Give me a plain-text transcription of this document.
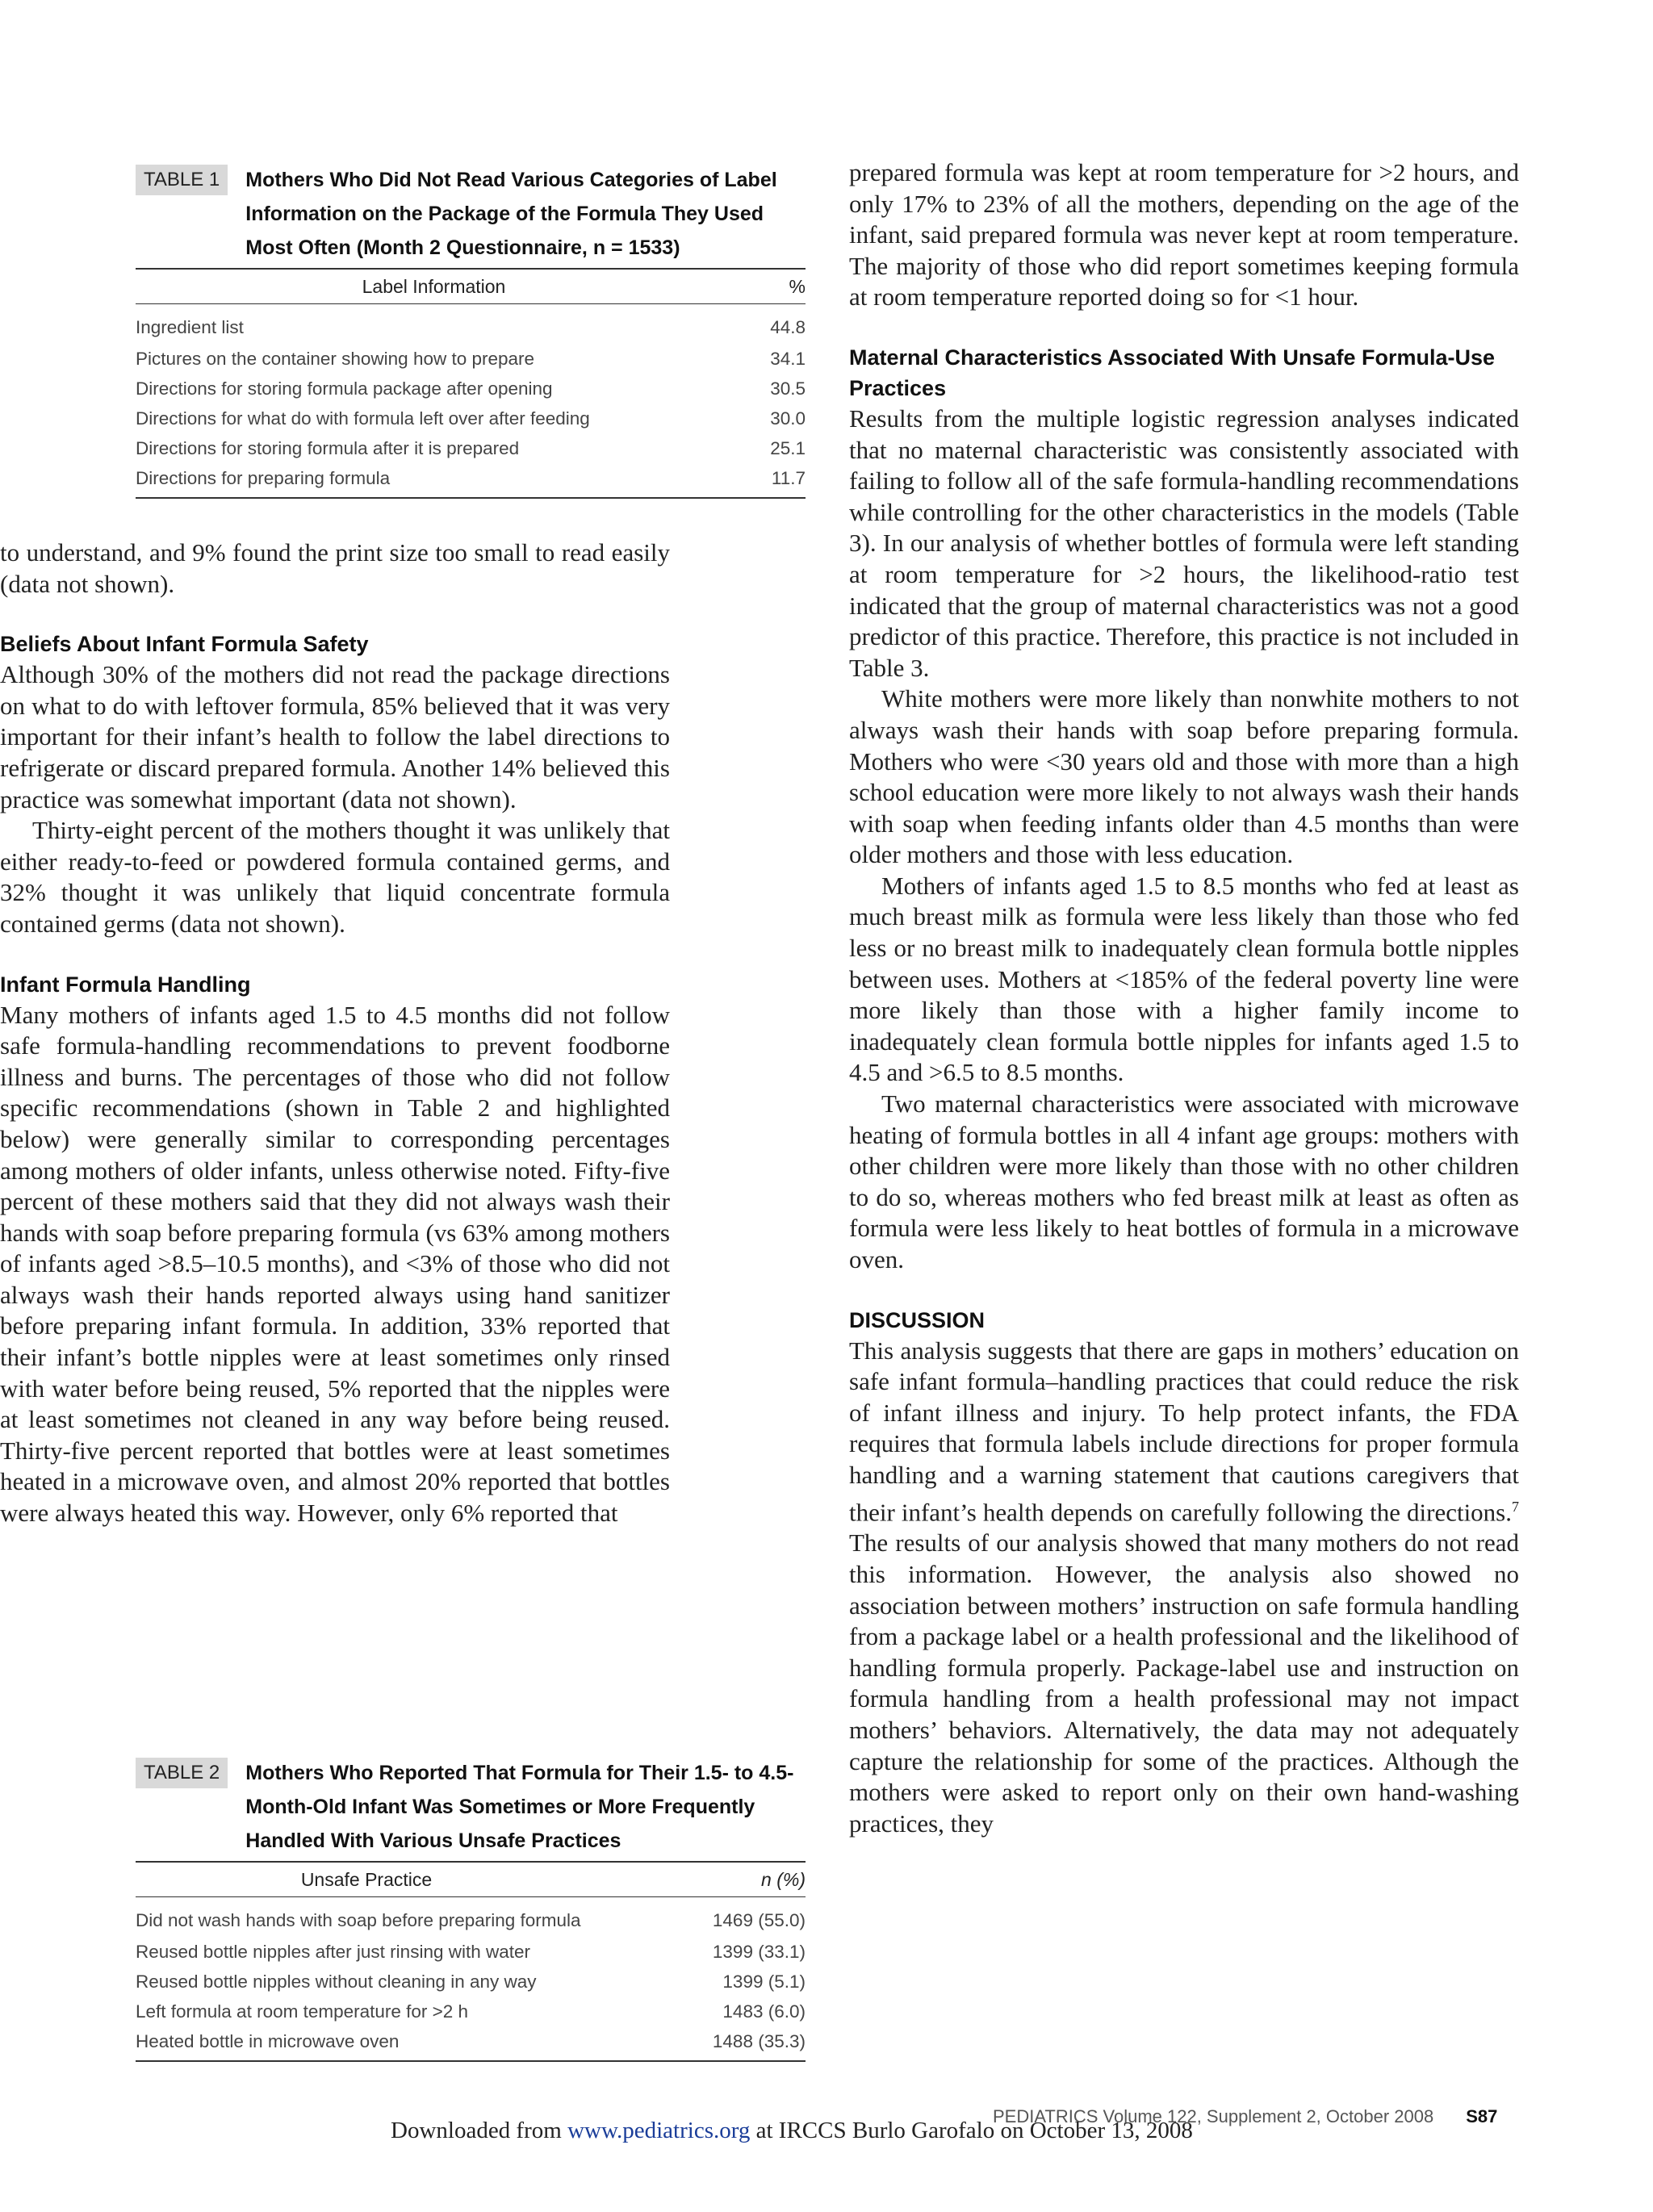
TABLE 1	Mothers Who Did Not Read Various Categories of Label Information on the Package of the Formula They Used Most Often (Month 2 Questionnaire, n = 1533)
Label Information	%
Ingredient list	44.8
Pictures on the container showing how to prepare	34.1
Directions for storing formula package after opening	30.5
Directions for what do with formula left over after feeding	30.0
Directions for storing formula after it is prepared	25.1
Directions for preparing formula	11.7

to understand, and 9% found the print size too small to read easily (data not shown).

Beliefs About Infant Formula Safety

Although 30% of the mothers did not read the package directions on what to do with leftover formula, 85% believed that it was very important for their infant’s health to follow the label directions to refrigerate or discard prepared formula. Another 14% believed this practice was somewhat important (data not shown).

Thirty-eight percent of the mothers thought it was unlikely that either ready-to-feed or powdered formula contained germs, and 32% thought it was unlikely that liquid concentrate formula contained germs (data not shown).

Infant Formula Handling

Many mothers of infants aged 1.5 to 4.5 months did not follow safe formula-handling recommendations to prevent foodborne illness and burns. The percentages of those who did not follow specific recommendations (shown in Table 2 and highlighted below) were generally similar to corresponding percentages among mothers of older infants, unless otherwise noted. Fifty-five percent of these mothers said that they did not always wash their hands with soap before preparing formula (vs 63% among mothers of infants aged >8.5–10.5 months), and <3% of those who did not always wash their hands reported always using hand sanitizer before preparing infant formula. In addition, 33% reported that their infant’s bottle nipples were at least sometimes only rinsed with water before being reused, 5% reported that the nipples were at least sometimes not cleaned in any way before being reused. Thirty-five percent reported that bottles were at least sometimes heated in a microwave oven, and almost 20% reported that bottles were always heated this way. However, only 6% reported that

TABLE 2	Mothers Who Reported That Formula for Their 1.5- to 4.5-Month-Old Infant Was Sometimes or More Frequently Handled With Various Unsafe Practices
Unsafe Practice	n (%)
Did not wash hands with soap before preparing formula	1469 (55.0)
Reused bottle nipples after just rinsing with water	1399 (33.1)
Reused bottle nipples without cleaning in any way	1399 (5.1)
Left formula at room temperature for >2 h	1483 (6.0)
Heated bottle in microwave oven	1488 (35.3)

prepared formula was kept at room temperature for >2 hours, and only 17% to 23% of all the mothers, depending on the age of the infant, said prepared formula was never kept at room temperature. The majority of those who did report sometimes keeping formula at room temperature reported doing so for <1 hour.

Maternal Characteristics Associated With Unsafe Formula-Use Practices

Results from the multiple logistic regression analyses indicated that no maternal characteristic was consistently associated with failing to follow all of the safe formula-handling recommendations while controlling for the other characteristics in the models (Table 3). In our analysis of whether bottles of formula were left standing at room temperature for >2 hours, the likelihood-ratio test indicated that the group of maternal characteristics was not a good predictor of this practice. Therefore, this practice is not included in Table 3.

White mothers were more likely than nonwhite mothers to not always wash their hands with soap before preparing formula. Mothers who were <30 years old and those with more than a high school education were more likely to not always wash their hands with soap when feeding infants older than 4.5 months than were older mothers and those with less education.

Mothers of infants aged 1.5 to 8.5 months who fed at least as much breast milk as formula were less likely than those who fed less or no breast milk to inadequately clean formula bottle nipples between uses. Mothers at <185% of the federal poverty line were more likely than those with a higher family income to inadequately clean formula bottle nipples for infants aged 1.5 to 4.5 and >6.5 to 8.5 months.

Two maternal characteristics were associated with microwave heating of formula bottles in all 4 infant age groups: mothers with other children were more likely than those with no other children to do so, whereas mothers who fed breast milk at least as often as formula were less likely to heat bottles of formula in a microwave oven.

DISCUSSION

This analysis suggests that there are gaps in mothers’ education on safe infant formula–handling practices that could reduce the risk of infant illness and injury. To help protect infants, the FDA requires that formula labels include directions for proper formula handling and a warning statement that cautions caregivers that their infant’s health depends on carefully following the directions.$^7$ The results of our analysis showed that many mothers do not read this information. However, the analysis also showed no association between mothers’ instruction on safe formula handling from a package label or a health professional and the likelihood of handling formula properly. Package-label use and instruction on formula handling from a health professional may not impact mothers’ behaviors. Alternatively, the data may not adequately capture the relationship for some of the practices. Although the mothers were asked to report only on their own hand-washing practices, they

PEDIATRICS Volume 122, Supplement 2, October 2008 S87
Downloaded from www.pediatrics.org at IRCCS Burlo Garofalo on October 13, 2008
